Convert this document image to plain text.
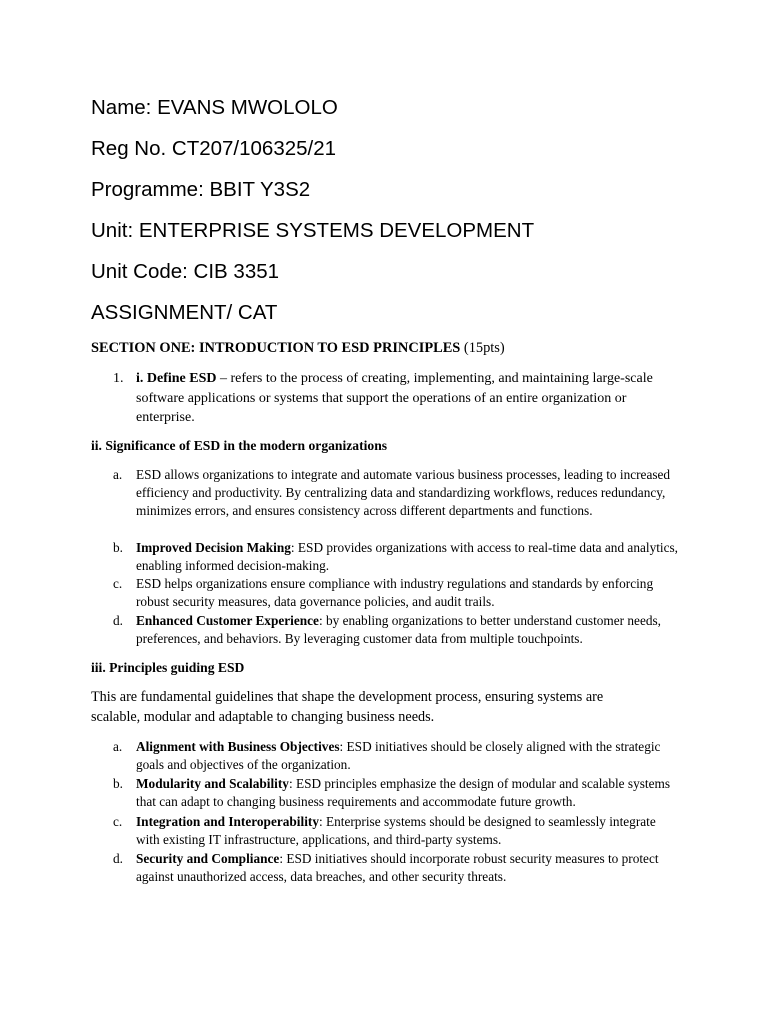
Name: EVANS MWOLOLO
Reg No. CT207/106325/21
Programme: BBIT Y3S2
Unit: ENTERPRISE SYSTEMS DEVELOPMENT
Unit Code: CIB 3351
ASSIGNMENT/ CAT
SECTION ONE: INTRODUCTION TO ESD PRINCIPLES (15pts)
1. i. Define ESD – refers to the process of creating, implementing, and maintaining large-scale software applications or systems that support the operations of an entire organization or enterprise.
ii. Significance of ESD in the modern organizations
a. ESD allows organizations to integrate and automate various business processes, leading to increased efficiency and productivity. By centralizing data and standardizing workflows, reduces redundancy, minimizes errors, and ensures consistency across different departments and functions.
b. Improved Decision Making: ESD provides organizations with access to real-time data and analytics, enabling informed decision-making.
c. ESD helps organizations ensure compliance with industry regulations and standards by enforcing robust security measures, data governance policies, and audit trails.
d. Enhanced Customer Experience: by enabling organizations to better understand customer needs, preferences, and behaviors. By leveraging customer data from multiple touchpoints.
iii. Principles guiding ESD
This are fundamental guidelines that shape the development process, ensuring systems are scalable, modular and adaptable to changing business needs.
a. Alignment with Business Objectives: ESD initiatives should be closely aligned with the strategic goals and objectives of the organization.
b. Modularity and Scalability: ESD principles emphasize the design of modular and scalable systems that can adapt to changing business requirements and accommodate future growth.
c. Integration and Interoperability: Enterprise systems should be designed to seamlessly integrate with existing IT infrastructure, applications, and third-party systems.
d. Security and Compliance: ESD initiatives should incorporate robust security measures to protect against unauthorized access, data breaches, and other security threats.
